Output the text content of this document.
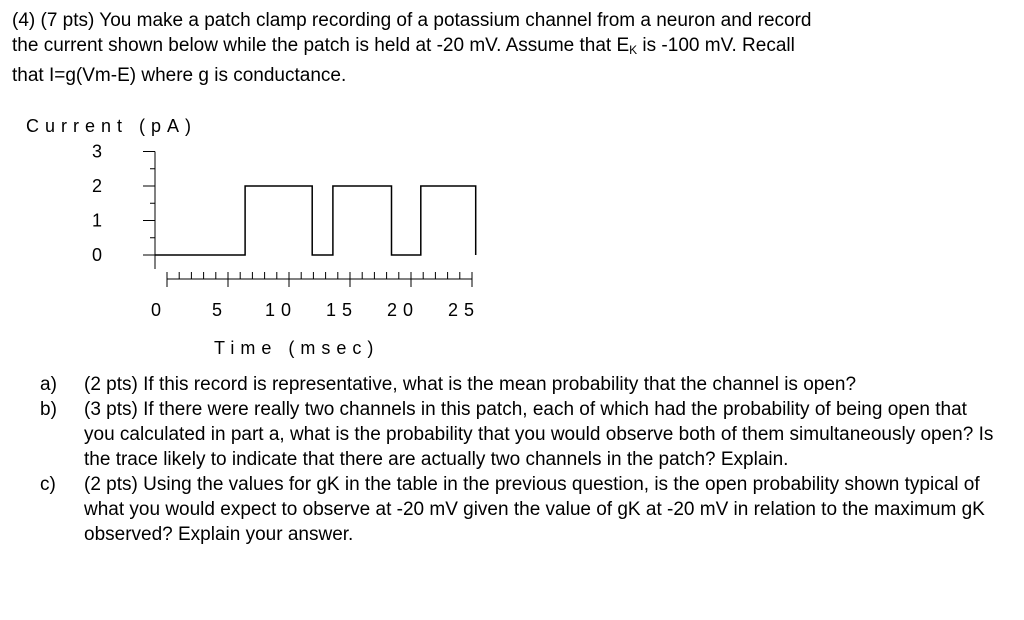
(4) (7 pts) You make a patch clamp recording of a potassium channel from a neuron and record
the current shown below while the patch is held at -20 mV. Assume that $E_K$ is -100 mV. Recall
that I=g(Vm-E) where g is conductance.
Current (pA)
Time (msec)
3
2
1
0
0 5 10 15 20 25
a) (2 pts) If this record is representative, what is the mean probability that the channel is open?
b) (3 pts) If there were really two channels in this patch, each of which had the probability of being open that you calculated in part a, what is the probability that you would observe both of them simultaneously open? Is the trace likely to indicate that there are actually two channels in the patch? Explain.
c) (2 pts) Using the values for gK in the table in the previous question, is the open probability shown typical of what you would expect to observe at -20 mV given the value of gK at -20 mV in relation to the maximum gK observed? Explain your answer.
